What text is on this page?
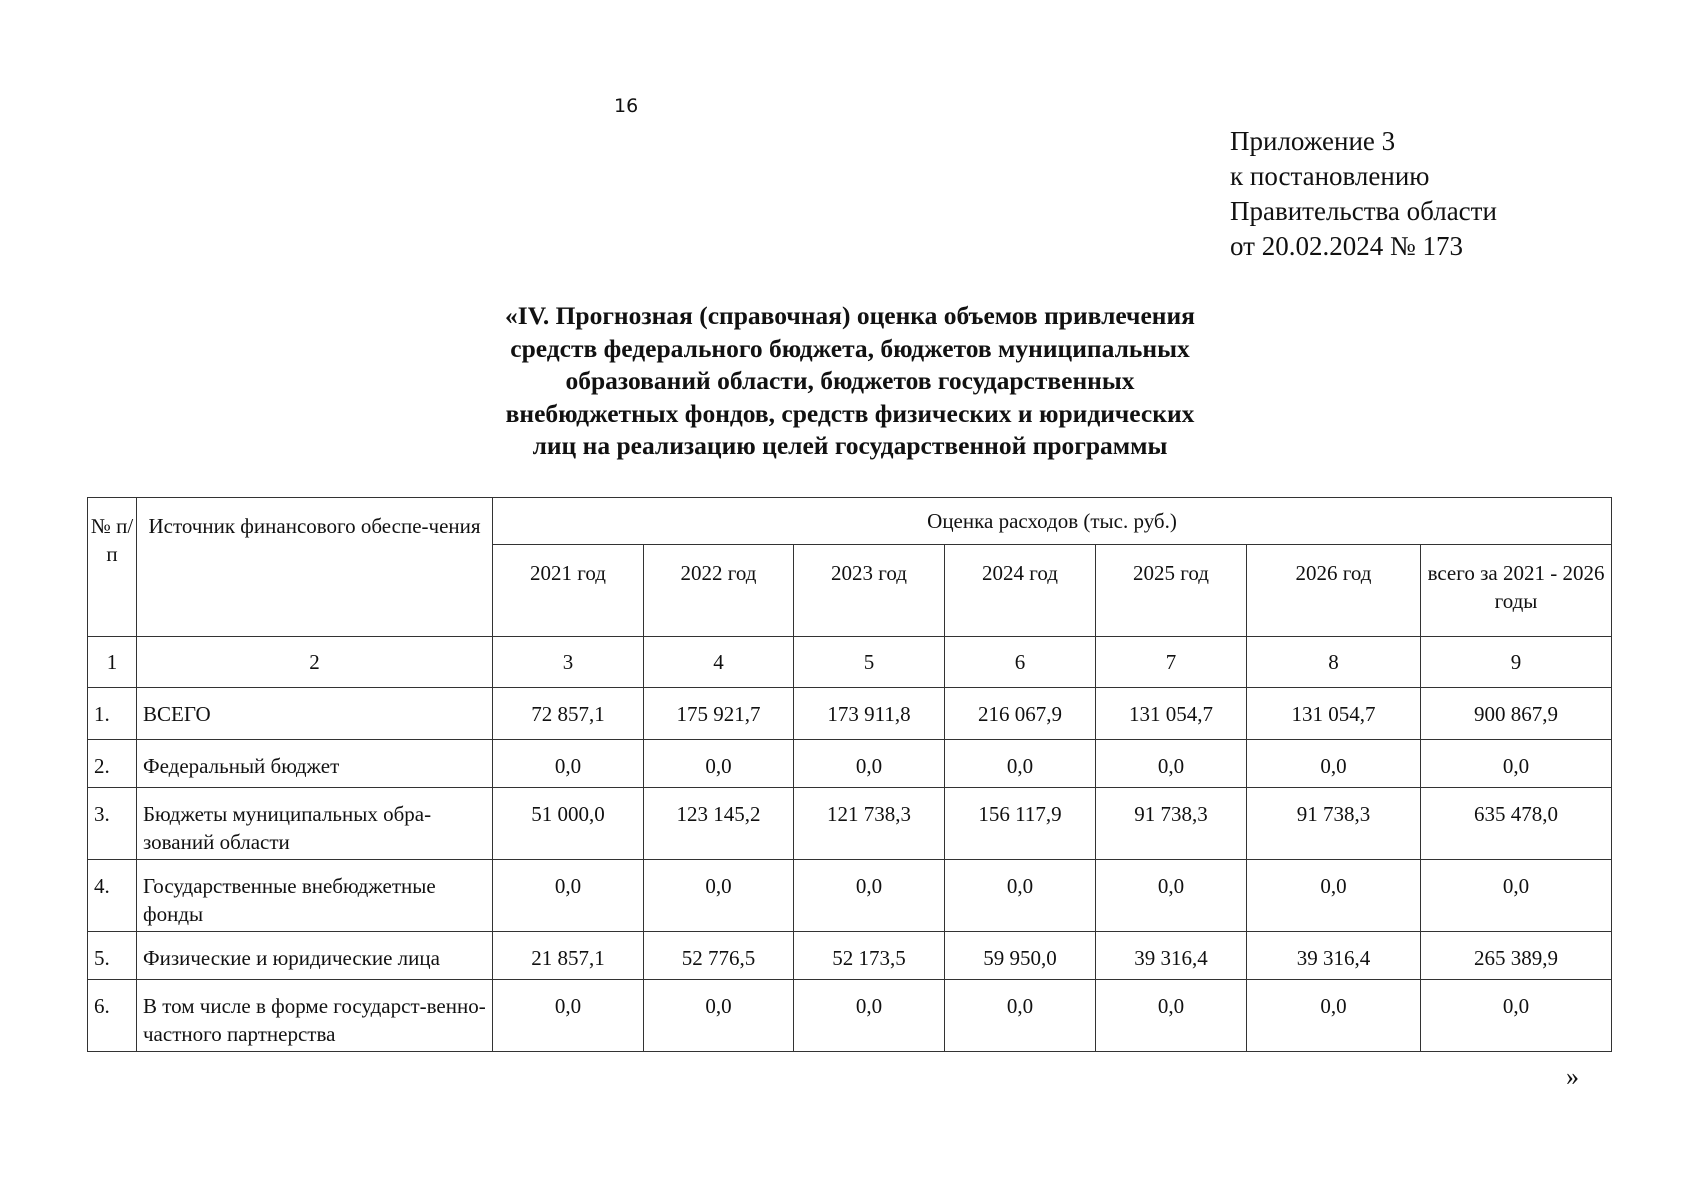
16
Приложение 3
к постановлению
Правительства области
от 20.02.2024 № 173
«IV. Прогнозная (справочная) оценка объемов привлечения
средств федерального бюджета, бюджетов муниципальных
образований области, бюджетов государственных
внебюджетных фондов, средств физических и юридических
лиц на реализацию целей государственной программы
№ п/п	Источник финансового обеспе-чения	Оценка расходов (тыс. руб.)						
		2021 год	2022 год	2023 год	2024 год	2025 год	2026 год	всего за 2021 - 2026 годы
1	2	3	4	5	6	7	8	9
1.	ВСЕГО	72 857,1	175 921,7	173 911,8	216 067,9	131 054,7	131 054,7	900 867,9
2.	Федеральный бюджет	0,0	0,0	0,0	0,0	0,0	0,0	0,0
3.	Бюджеты муниципальных обра-зований области	51 000,0	123 145,2	121 738,3	156 117,9	91 738,3	91 738,3	635 478,0
4.	Государственные внебюджетные фонды	0,0	0,0	0,0	0,0	0,0	0,0	0,0
5.	Физические и юридические лица	21 857,1	52 776,5	52 173,5	59 950,0	39 316,4	39 316,4	265 389,9
6.	В том числе в форме государст-венно-частного партнерства	0,0	0,0	0,0	0,0	0,0	0,0	0,0
»
